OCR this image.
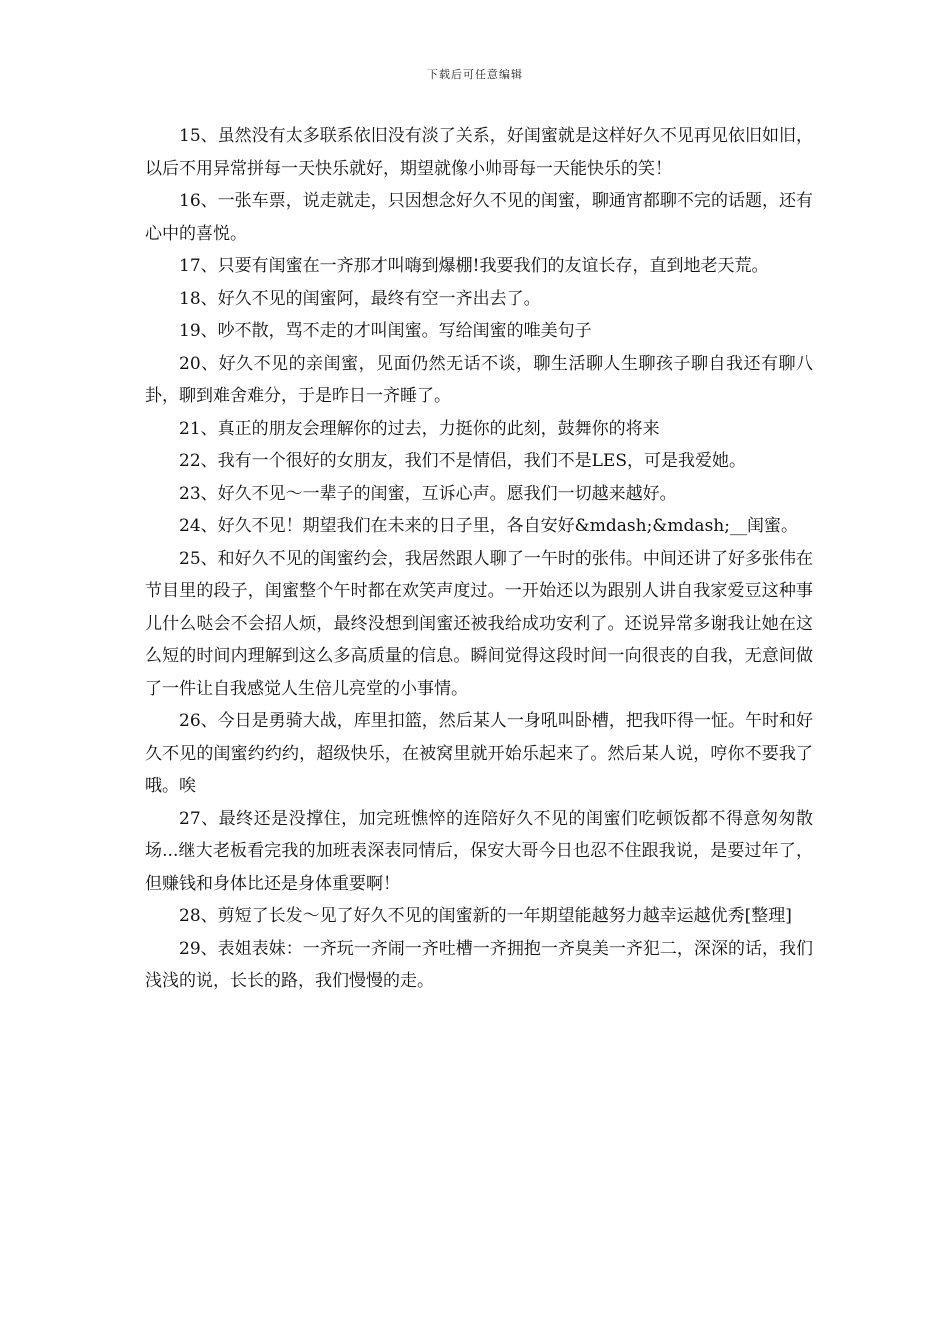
下载后可任意编辑

15、虽然没有太多联系依旧没有淡了关系，好闺蜜就是这样好久不见再见依旧如旧，以后不用异常拼每一天快乐就好，期望就像小帅哥每一天能快乐的笑！

16、一张车票，说走就走，只因想念好久不见的闺蜜，聊通宵都聊不完的话题，还有心中的喜悦。

17、只要有闺蜜在一齐那才叫嗨到爆棚!我要我们的友谊长存，直到地老天荒。

18、好久不见的闺蜜阿，最终有空一齐出去了。

19、吵不散，骂不走的才叫闺蜜。写给闺蜜的唯美句子

20、好久不见的亲闺蜜，见面仍然无话不谈，聊生活聊人生聊孩子聊自我还有聊八卦，聊到难舍难分，于是昨日一齐睡了。

21、真正的朋友会理解你的过去，力挺你的此刻，鼓舞你的将来

22、我有一个很好的女朋友，我们不是情侣，我们不是LES，可是我爱她。

23、好久不见～一辈子的闺蜜，互诉心声。愿我们一切越来越好。

24、好久不见！期望我们在未来的日子里，各自安好&mdash;&mdash;__闺蜜。

25、和好久不见的闺蜜约会，我居然跟人聊了一午时的张伟。中间还讲了好多张伟在节目里的段子，闺蜜整个午时都在欢笑声度过。一开始还以为跟别人讲自我家爱豆这种事儿什么哒会不会招人烦，最终没想到闺蜜还被我给成功安利了。还说异常多谢我让她在这么短的时间内理解到这么多高质量的信息。瞬间觉得这段时间一向很丧的自我，无意间做了一件让自我感觉人生倍儿亮堂的小事情。

26、今日是勇骑大战，库里扣篮，然后某人一身吼叫卧槽，把我吓得一怔。午时和好久不见的闺蜜约约约，超级快乐，在被窝里就开始乐起来了。然后某人说，哼你不要我了哦。唉

27、最终还是没撑住，加完班憔悴的连陪好久不见的闺蜜们吃顿饭都不得意匆匆散场...继大老板看完我的加班表深表同情后，保安大哥今日也忍不住跟我说，是要过年了，但赚钱和身体比还是身体重要啊！

28、剪短了长发～见了好久不见的闺蜜新的一年期望能越努力越幸运越优秀[整理]

29、表姐表妹：一齐玩一齐闹一齐吐槽一齐拥抱一齐臭美一齐犯二，深深的话，我们浅浅的说，长长的路，我们慢慢的走。
